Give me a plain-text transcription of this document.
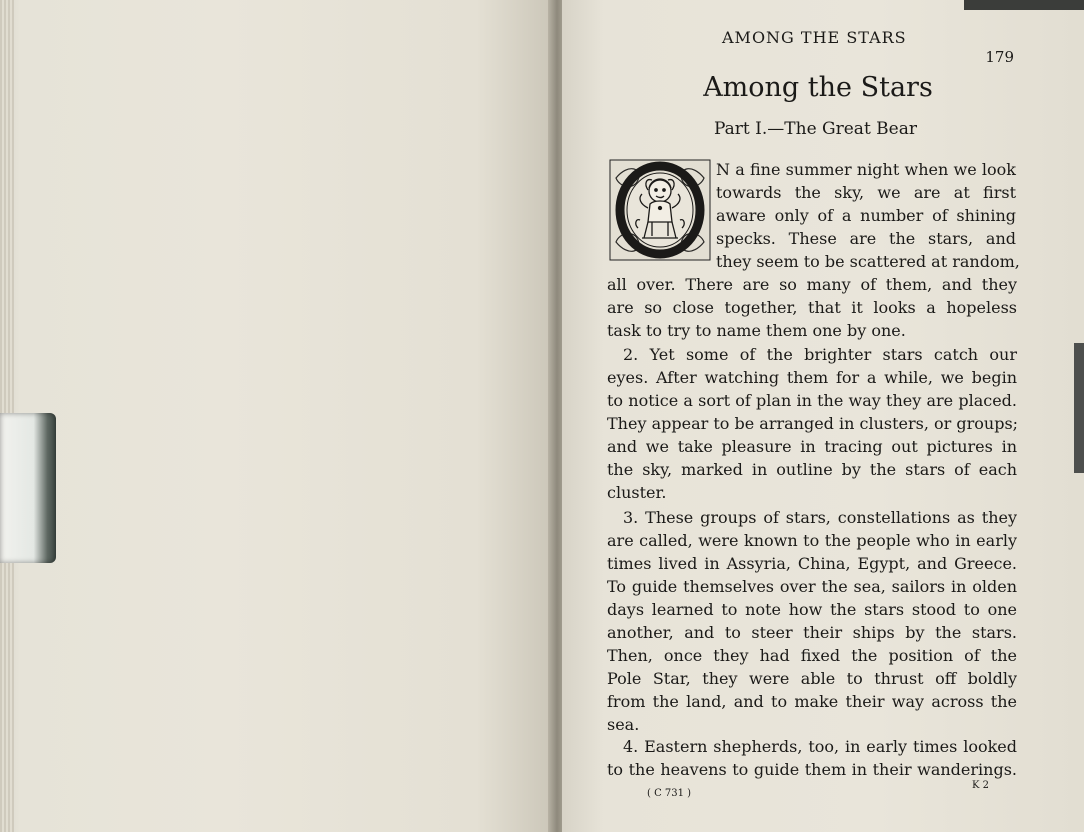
AMONG THE STARS
179
Among the Stars
Part I.—The Great Bear
N a fine summer night when we look
towards the sky, we are at first
aware only of a number of shining
specks. These are the stars, and
they seem to be scattered at random,
all over. There are so many of them, and they
are so close together, that it looks a hopeless
task to try to name them one by one.
2. Yet some of the brighter stars catch our
eyes. After watching them for a while, we begin
to notice a sort of plan in the way they are placed.
They appear to be arranged in clusters, or groups;
and we take pleasure in tracing out pictures in
the sky, marked in outline by the stars of each
cluster.
3. These groups of stars, constellations as they
are called, were known to the people who in early
times lived in Assyria, China, Egypt, and Greece.
To guide themselves over the sea, sailors in olden
days learned to note how the stars stood to one
another, and to steer their ships by the stars.
Then, once they had fixed the position of the
Pole Star, they were able to thrust off boldly
from the land, and to make their way across the
sea.
4. Eastern shepherds, too, in early times looked
to the heavens to guide them in their wanderings.
( C 731 )
K 2
